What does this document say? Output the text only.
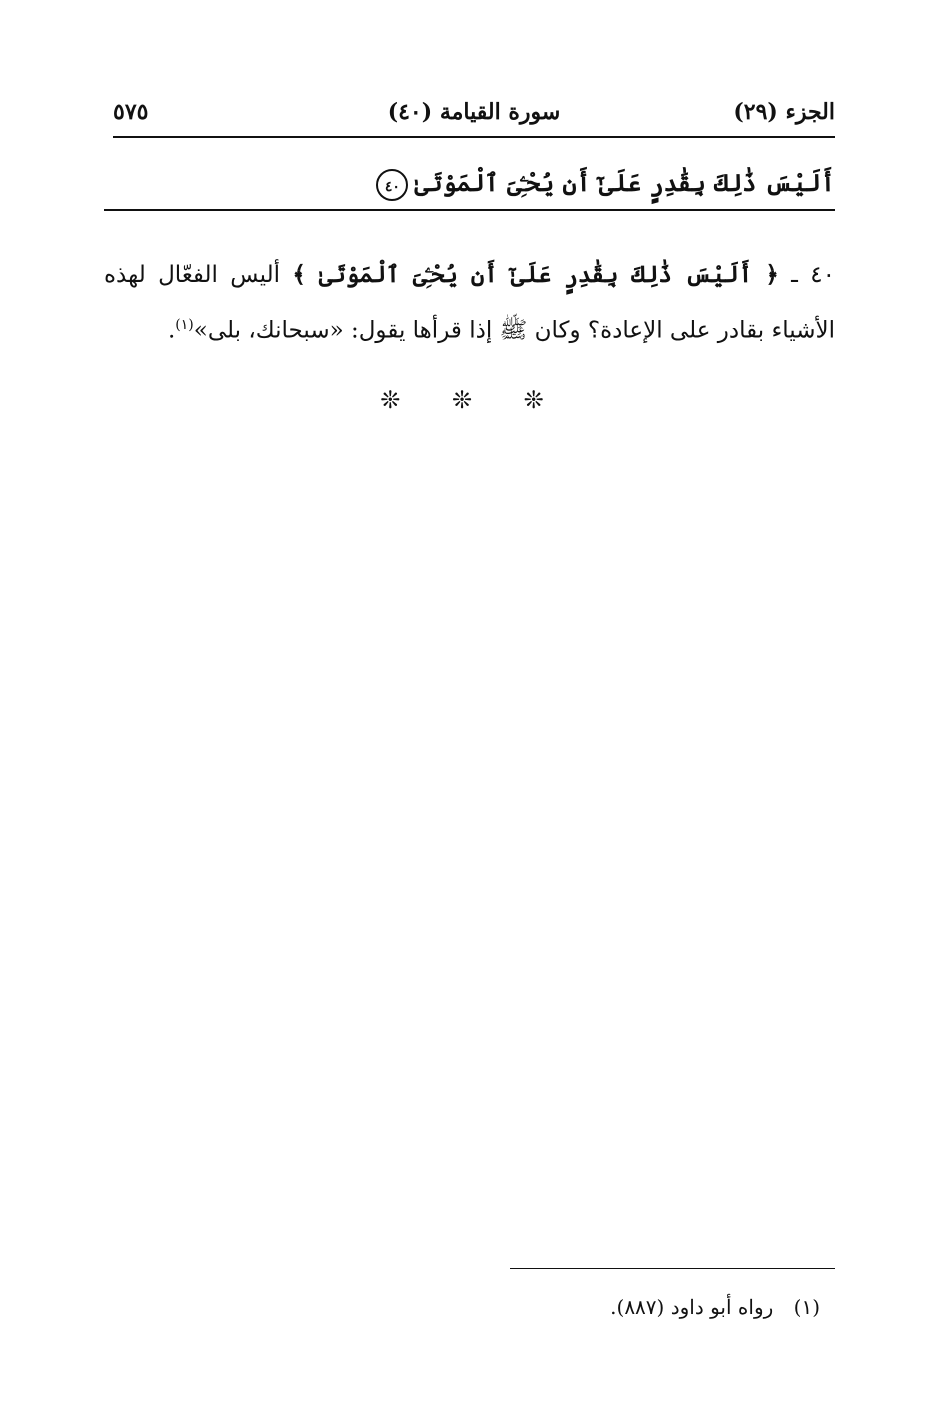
الجزء (٢٩)
سورة القيامة (٤٠)
٥٧٥
أَلَيْسَ ذَٰلِكَ بِقَٰدِرٍ عَلَىٰٓ أَن يُحْـِۧىَ ٱلْمَوْتَىٰ٤٠
٤٠ ـ ﴿ أَلَيْسَ ذَٰلِكَ بِقَٰدِرٍ عَلَىٰٓ أَن يُحْـِۧىَ ٱلْمَوْتَىٰ ﴾ أليس الفعّال لهذه الأشياء بقادر على الإعادة؟ وكان ﷺ إذا قرأها يقول: «سبحانك، بلى»$^{(١)}$.
❊ ❊ ❊
(١) رواه أبو داود (٨٨٧).
